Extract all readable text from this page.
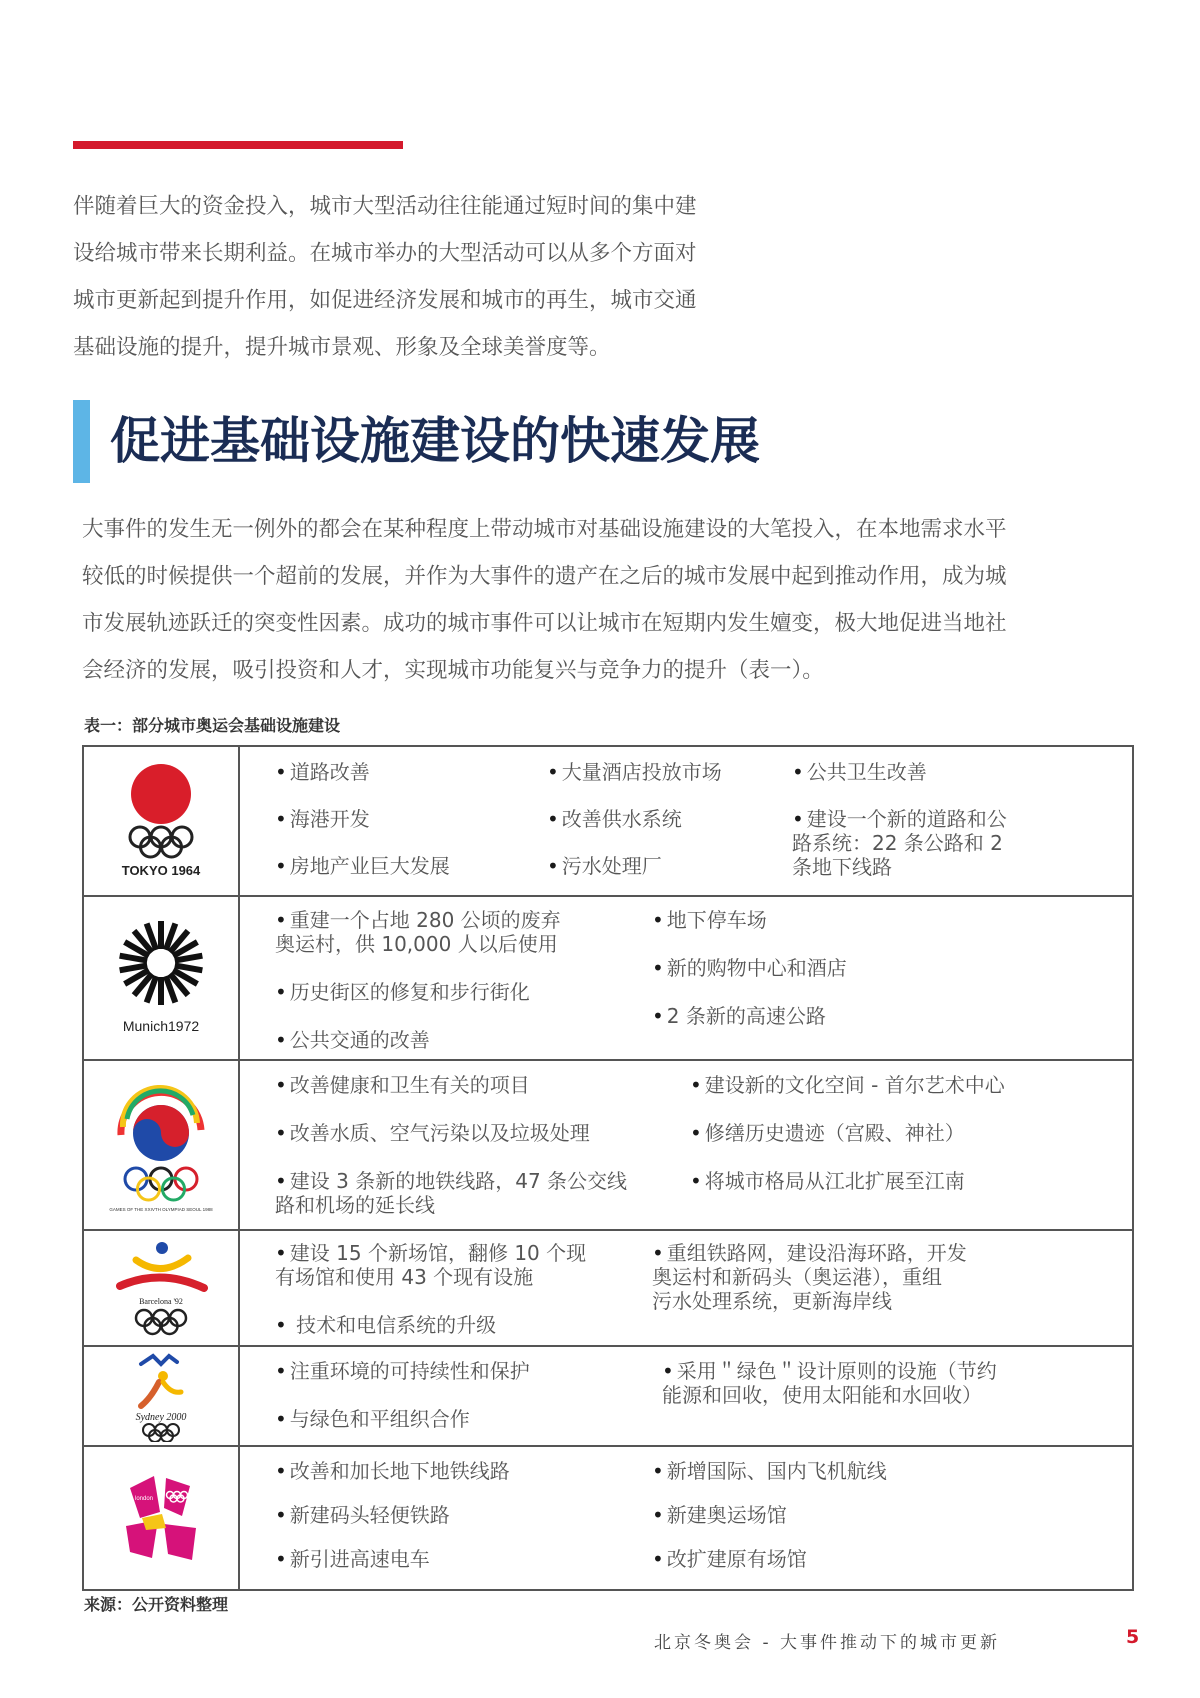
伴随着巨大的资金投入，城市大型活动往往能通过短时间的集中建

设给城市带来长期利益。在城市举办的大型活动可以从多个方面对

城市更新起到提升作用，如促进经济发展和城市的再生，城市交通

基础设施的提升，提升城市景观、形象及全球美誉度等。

促进基础设施建设的快速发展

大事件的发生无一例外的都会在某种程度上带动城市对基础设施建设的大笔投入，在本地需求水平

较低的时候提供一个超前的发展，并作为大事件的遗产在之后的城市发展中起到推动作用，成为城

市发展轨迹跃迁的突变性因素。成功的城市事件可以让城市在短期内发生嬗变，极大地促进当地社

会经济的发展，吸引投资和人才，实现城市功能复兴与竞争力的提升（表一）。

表一：部分城市奥运会基础设施建设
TOKYO 1964
• 道路改善
• 海港开发
• 房地产业巨大发展
• 大量酒店投放市场
• 改善供水系统
• 污水处理厂
• 公共卫生改善
• 建设一个新的道路和公
路系统：22 条公路和 2
条地下线路
Munich1972
• 重建一个占地 280 公顷的废弃
奥运村，供 10,000 人以后使用
• 历史街区的修复和步行街化
• 公共交通的改善
• 地下停车场
• 新的购物中心和酒店
• 2 条新的高速公路
GAMES OF THE XXIVTH OLYMPIAD SEOUL 1988
• 改善健康和卫生有关的项目
• 改善水质、空气污染以及垃圾处理
• 建设 3 条新的地铁线路，47 条公交线
路和机场的延长线
• 建设新的文化空间 - 首尔艺术中心
• 修缮历史遗迹（宫殿、神社）
• 将城市格局从江北扩展至江南
Barcelona '92
• 建设 15 个新场馆，翻修 10 个现
有场馆和使用 43 个现有设施
• 技术和电信系统的升级
• 重组铁路网，建设沿海环路，开发
奥运村和新码头（奥运港），重组
污水处理系统，更新海岸线
Sydney 2000
• 注重环境的可持续性和保护
• 与绿色和平组织合作
• 采用＂绿色＂设计原则的设施（节约
能源和回收，使用太阳能和水回收）
london
• 改善和加长地下地铁线路
• 新建码头轻便铁路
• 新引进高速电车
• 新增国际、国内飞机航线
• 新建奥运场馆
• 改扩建原有场馆
来源：公开资料整理
北京冬奥会 - 大事件推动下的城市更新	5
